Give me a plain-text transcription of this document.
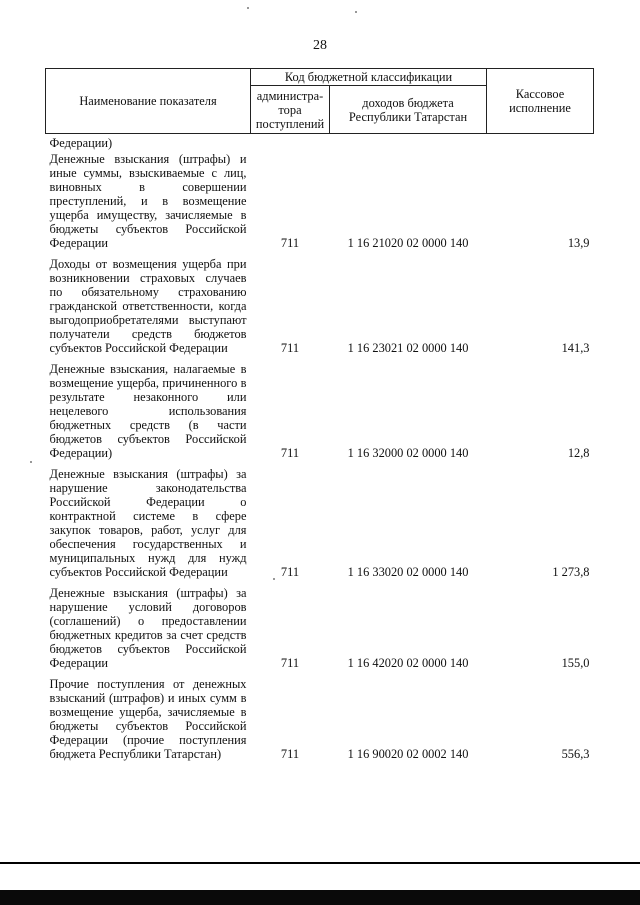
28
Наименование показателя	Код бюджетной классификации		Кассовое исполнение
	администра-тора поступлений	доходов бюджета Республики Татарстан	
Федерации)			
Денежные взыскания (штрафы) и иные суммы, взыскиваемые с лиц, виновных в совершении преступлений, и в возмещение ущерба имуществу, зачисляемые в бюджеты субъектов Российской Федерации	711	1 16 21020 02 0000 140	13,9
Доходы от возмещения ущерба при возникновении страховых случаев по обязательному страхованию гражданской ответственности, когда выгодоприобретателями выступают получатели средств бюджетов субъектов Российской Федерации	711	1 16 23021 02 0000 140	141,3
Денежные взыскания, налагаемые в возмещение ущерба, причиненного в результате незаконного или нецелевого использования бюджетных средств (в части бюджетов субъектов Российской Федерации)	711	1 16 32000 02 0000 140	12,8
Денежные взыскания (штрафы) за нарушение законодательства Российской Федерации о контрактной системе в сфере закупок товаров, работ, услуг для обеспечения государственных и муниципальных нужд для нужд субъектов Российской Федерации	711	1 16 33020 02 0000 140	1 273,8
Денежные взыскания (штрафы) за нарушение условий договоров (соглашений) о предоставлении бюджетных кредитов за счет средств бюджетов субъектов Российской Федерации	711	1 16 42020 02 0000 140	155,0
Прочие поступления от денежных взысканий (штрафов) и иных сумм в возмещение ущерба, зачисляемые в бюджеты субъектов Российской Федерации (прочие поступления бюджета Республики Татарстан)	711	1 16 90020 02 0002 140	556,3
